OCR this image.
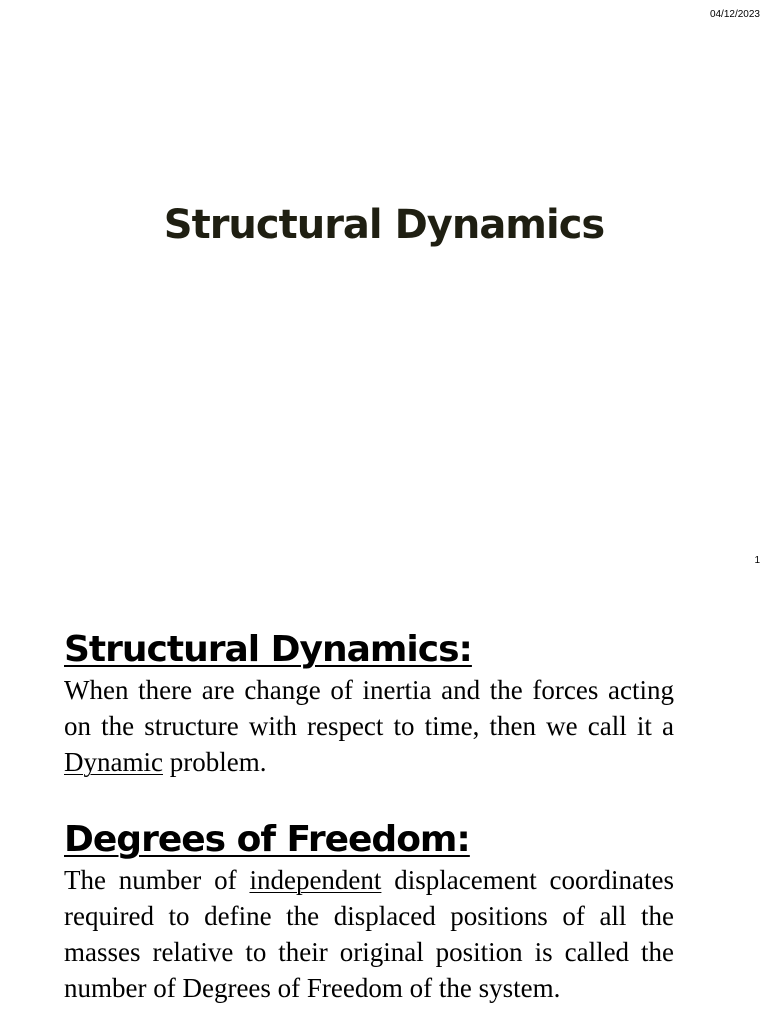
04/12/2023
Structural Dynamics
1
Structural Dynamics:

When there are change of inertia and the forces acting on the structure with respect to time, then we call it a Dynamic problem.

Degrees of Freedom:

The number of independent displacement coordinates required to define the displaced positions of all the masses relative to their original position is called the number of Degrees of Freedom of the system.
